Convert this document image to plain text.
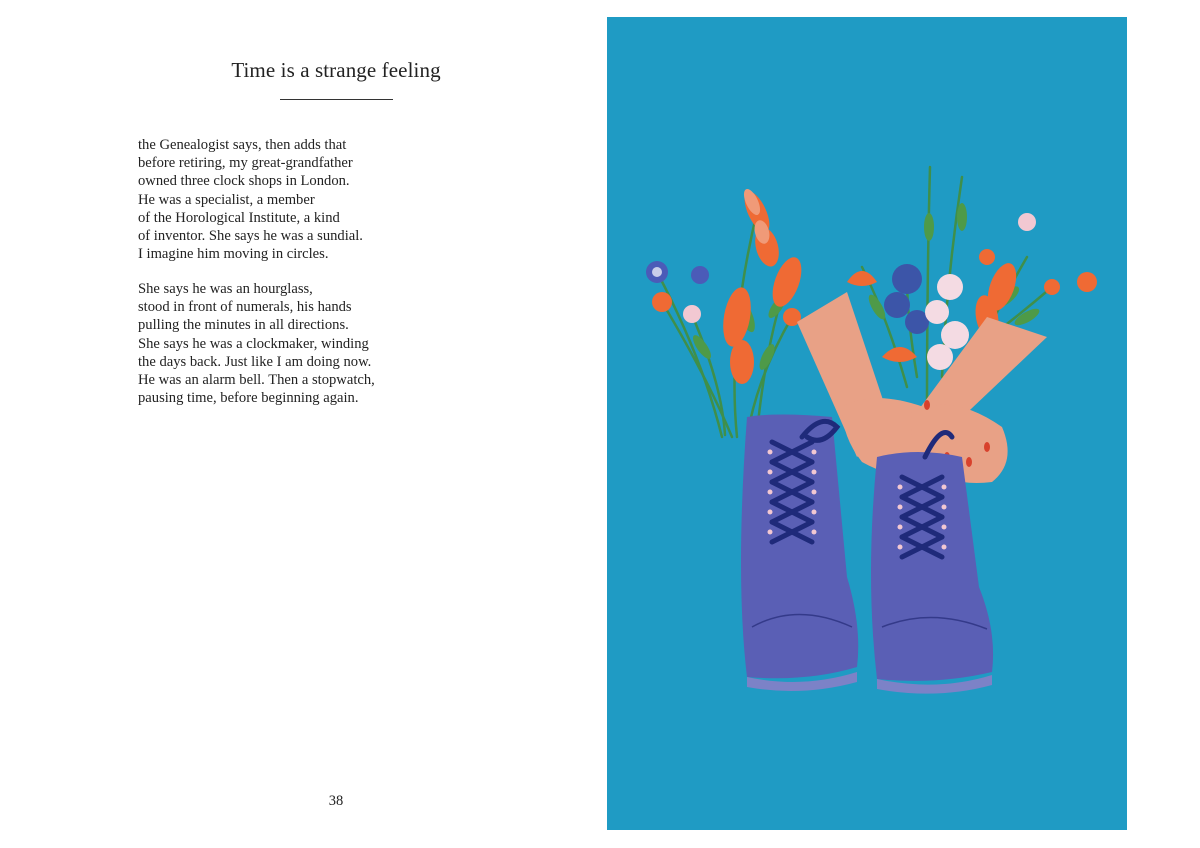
Time is a strange feeling

the Genealogist says, then adds that
before retiring, my great-grandfather
owned three clock shops in London.
He was a specialist, a member
of the Horological Institute, a kind
of inventor. She says he was a sundial.
I imagine him moving in circles.

She says he was an hourglass,
stood in front of numerals, his hands
pulling the minutes in all directions.
She says he was a clockmaker, winding
the days back. Just like I am doing now.
He was an alarm bell. Then a stopwatch,
pausing time, before beginning again.

38
